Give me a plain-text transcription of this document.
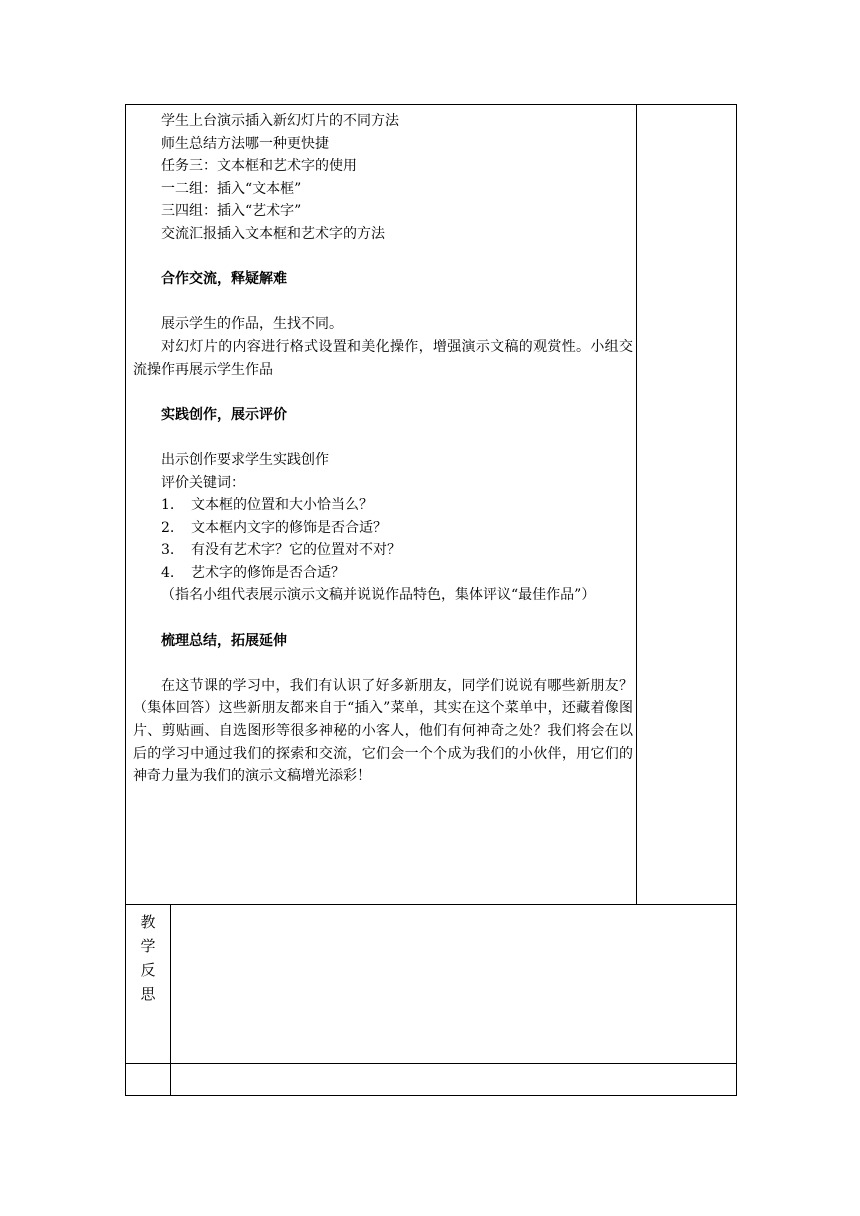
学生上台演示插入新幻灯片的不同方法

师生总结方法哪一种更快捷

任务三：文本框和艺术字的使用

一二组：插入“文本框”

三四组：插入“艺术字”

交流汇报插入文本框和艺术字的方法

合作交流，释疑解难

展示学生的作品，生找不同。

对幻灯片的内容进行格式设置和美化操作，增强演示文稿的观赏性。小组交流操作再展示学生作品

实践创作，展示评价

出示创作要求学生实践创作

评价关键词：

1. 文本框的位置和大小恰当么？

2. 文本框内文字的修饰是否合适？

3. 有没有艺术字？它的位置对不对？

4. 艺术字的修饰是否合适？

（指名小组代表展示演示文稿并说说作品特色，集体评议“最佳作品”）

梳理总结，拓展延伸

在这节课的学习中，我们有认识了好多新朋友，同学们说说有哪些新朋友？（集体回答）这些新朋友都来自于“插入”菜单，其实在这个菜单中，还藏着像图片、剪贴画、自选图形等很多神秘的小客人，他们有何神奇之处？我们将会在以后的学习中通过我们的探索和交流，它们会一个个成为我们的小伙伴，用它们的神奇力量为我们的演示文稿增光添彩！

教
学
反
思
